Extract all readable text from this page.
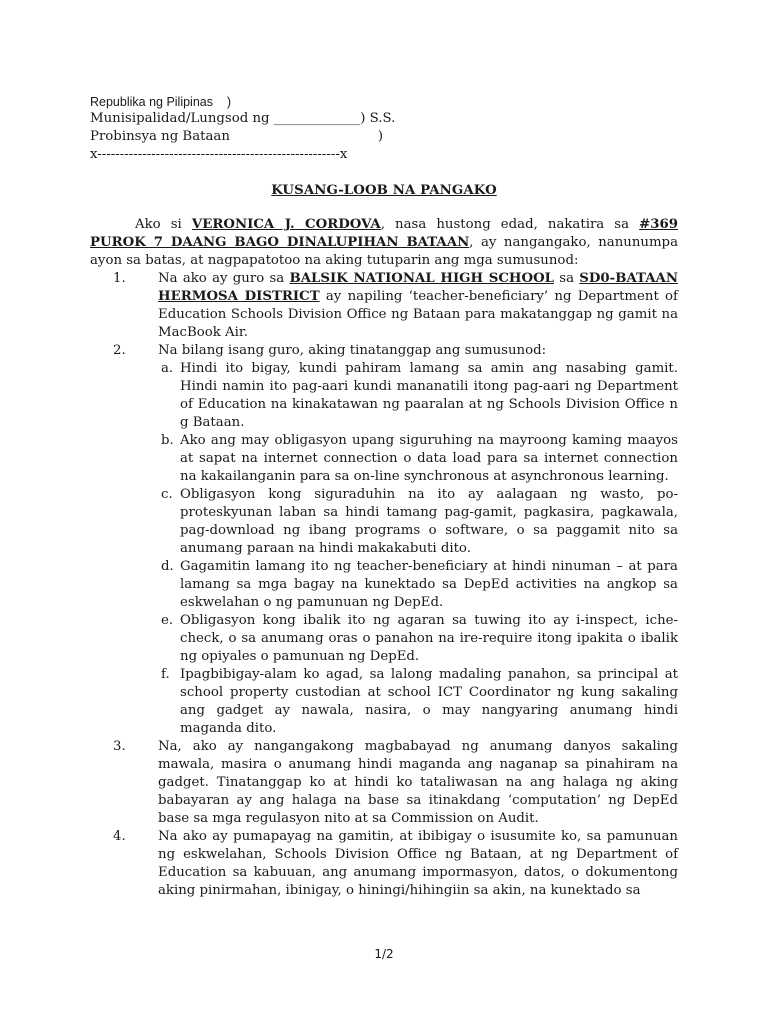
Republika ng Pilipinas    )
Munisipalidad/Lungsod ng _____________) S.S.
Probinsya ng Bataan                                   )
x------------------------------------------------------x
KUSANG-LOOB NA PANGAKO

Ako si VERONICA J. CORDOVA, nasa hustong edad, nakatira sa #369 PUROK 7 DAANG BAGO DINALUPIHAN BATAAN, ay nangangako, nanunumpa ayon sa batas, at nagpapatotoo na aking tutuparin ang mga sumusunod:

1. Na ako ay guro sa BALSIK NATIONAL HIGH SCHOOL sa SD0-BATAAN HERMOSA DISTRICT ay napiling ‘teacher-beneficiary’ ng Department of Education Schools Division Office ng Bataan para makatanggap ng gamit na MacBook Air.
2. Na bilang isang guro, aking tinatanggap ang sumusunod:
a. Hindi ito bigay, kundi pahiram lamang sa amin ang nasabing gamit. Hindi namin ito pag-aari kundi mananatili itong pag-aari ng Department of Education na kinakatawan ng paaralan at ng Schools Division Office n g Bataan.
b. Ako ang may obligasyon upang siguruhing na mayroong kaming maayos at sapat na internet connection o data load para sa internet connection na kakailanganin para sa on-line synchronous at asynchronous learning.
c. Obligasyon kong siguraduhin na ito ay aalagaan ng wasto, po-proteskyunan laban sa hindi tamang pag-gamit, pagkasira, pagkawala, pag-download ng ibang programs o software, o sa paggamit nito sa anumang paraan na hindi makakabuti dito.
d. Gagamitin lamang ito ng teacher-beneficiary at hindi ninuman – at para lamang sa mga bagay na kunektado sa DepEd activities na angkop sa eskwelahan o ng pamunuan ng DepEd.
e. Obligasyon kong ibalik ito ng agaran sa tuwing ito ay i-inspect, iche-check, o sa anumang oras o panahon na ire-require itong ipakita o ibalik ng opiyales o pamunuan ng DepEd.
f. Ipagbibigay-alam ko agad, sa lalong madaling panahon, sa principal at school property custodian at school ICT Coordinator ng kung sakaling ang gadget ay nawala, nasira, o may nangyaring anumang hindi maganda dito.
3. Na, ako ay nangangakong magbabayad ng anumang danyos sakaling mawala, masira o anumang hindi maganda ang naganap sa pinahiram na gadget. Tinatanggap ko at hindi ko tataliwasan na ang halaga ng aking babayaran ay ang halaga na base sa itinakdang ‘computation’ ng DepEd base sa mga regulasyon nito at sa Commission on Audit.
4. Na ako ay pumapayag na gamitin, at ibibigay o isusumite ko, sa pamunuan ng eskwelahan, Schools Division Office ng Bataan, at ng Department of Education sa kabuuan, ang anumang impormasyon, datos, o dokumentong aking pinirmahan, ibinigay, o hiningi/hihingiin sa akin, na kunektado sa
1/2
